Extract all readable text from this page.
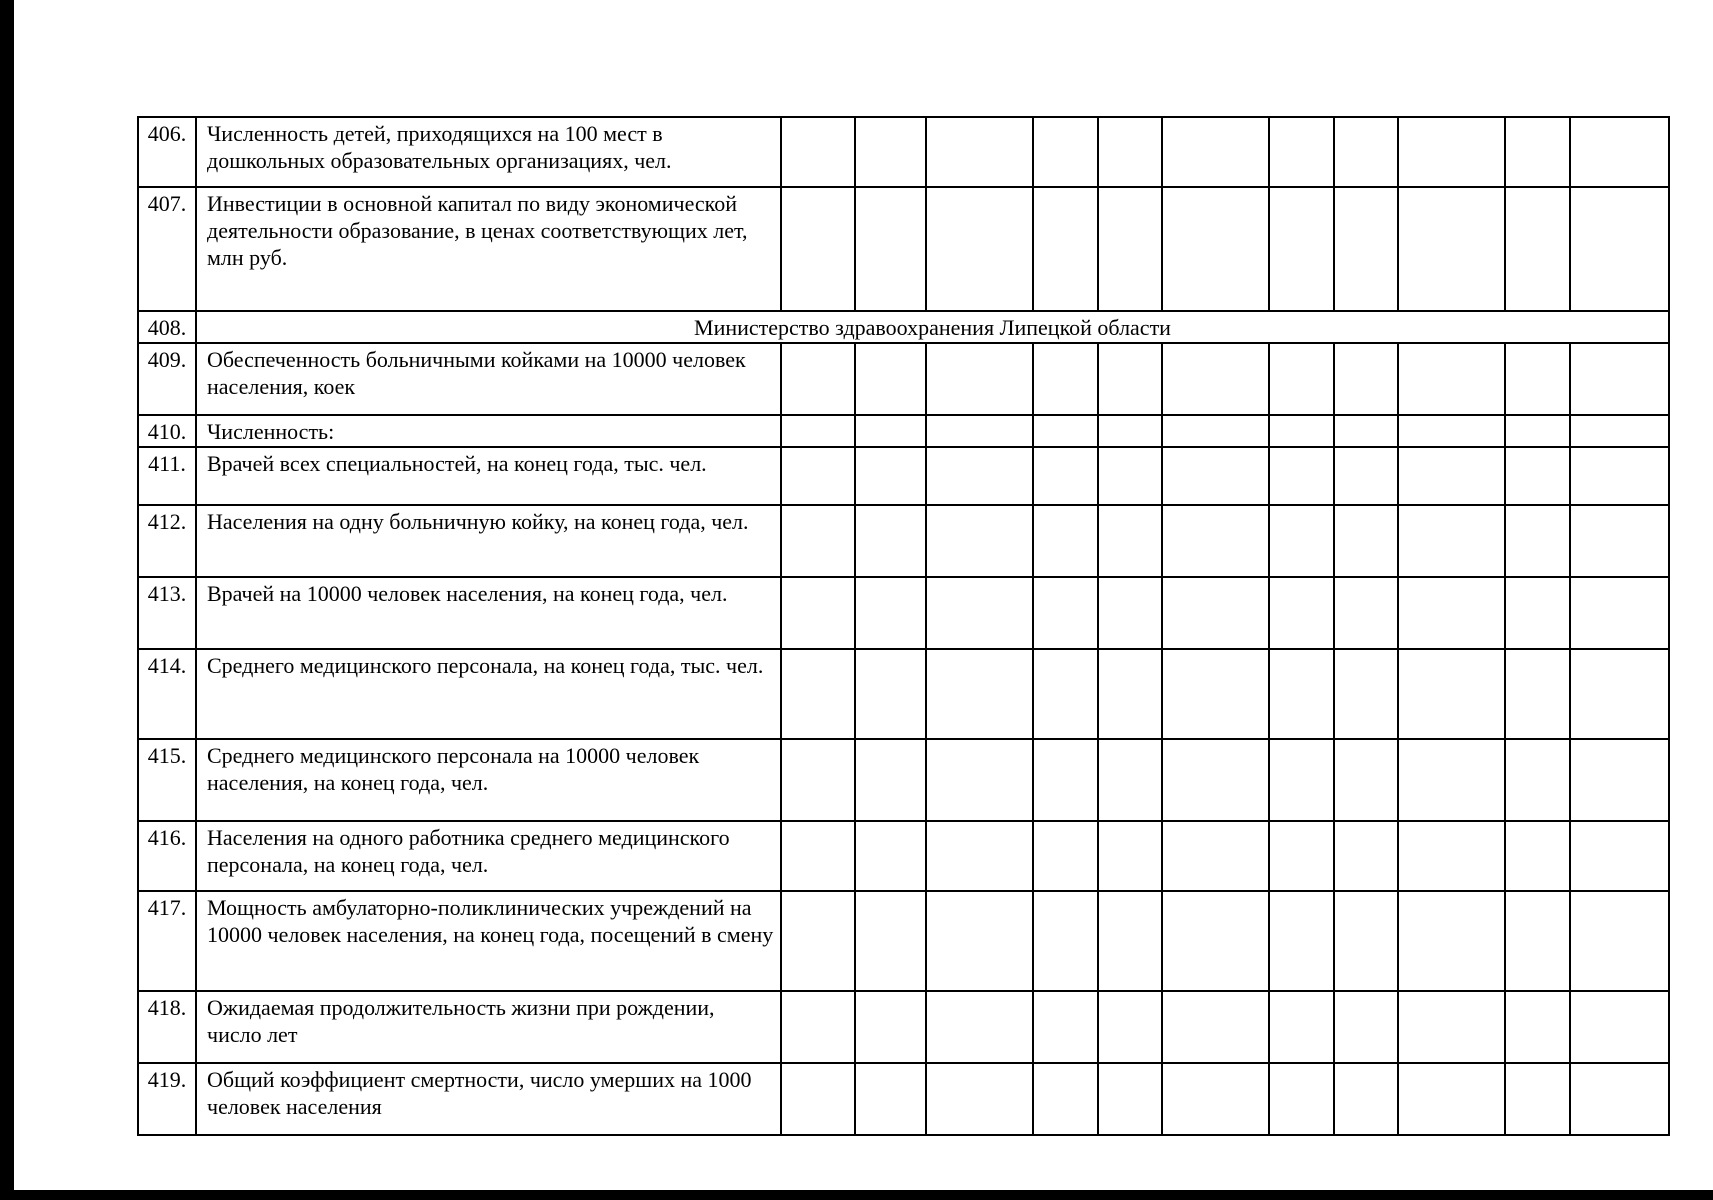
406.	Численность детей, приходящихся на 100 мест в дошкольных образовательных организациях, чел.											
407.	Инвестиции в основной капитал по виду экономической деятельности образование, в ценах соответствующих лет, млн руб.											
408.	Министерство здравоохранения Липецкой области											
409.	Обеспеченность больничными койками на 10000 человек населения, коек											
410.	Численность:											
411.	Врачей всех специальностей, на конец года, тыс. чел.											
412.	Населения на одну больничную койку, на конец года, чел.											
413.	Врачей на 10000 человек населения, на конец года, чел.											
414.	Среднего медицинского персонала, на конец года, тыс. чел.											
415.	Среднего медицинского персонала на 10000 человек населения, на конец года, чел.											
416.	Населения на одного работника среднего медицинского персонала, на конец года, чел.											
417.	Мощность амбулаторно-поликлинических учреждений на 10000 человек населения, на конец года, посещений в смену											
418.	Ожидаемая продолжительность жизни при рождении, число лет											
419.	Общий коэффициент смертности, число умерших на 1000 человек населения											
